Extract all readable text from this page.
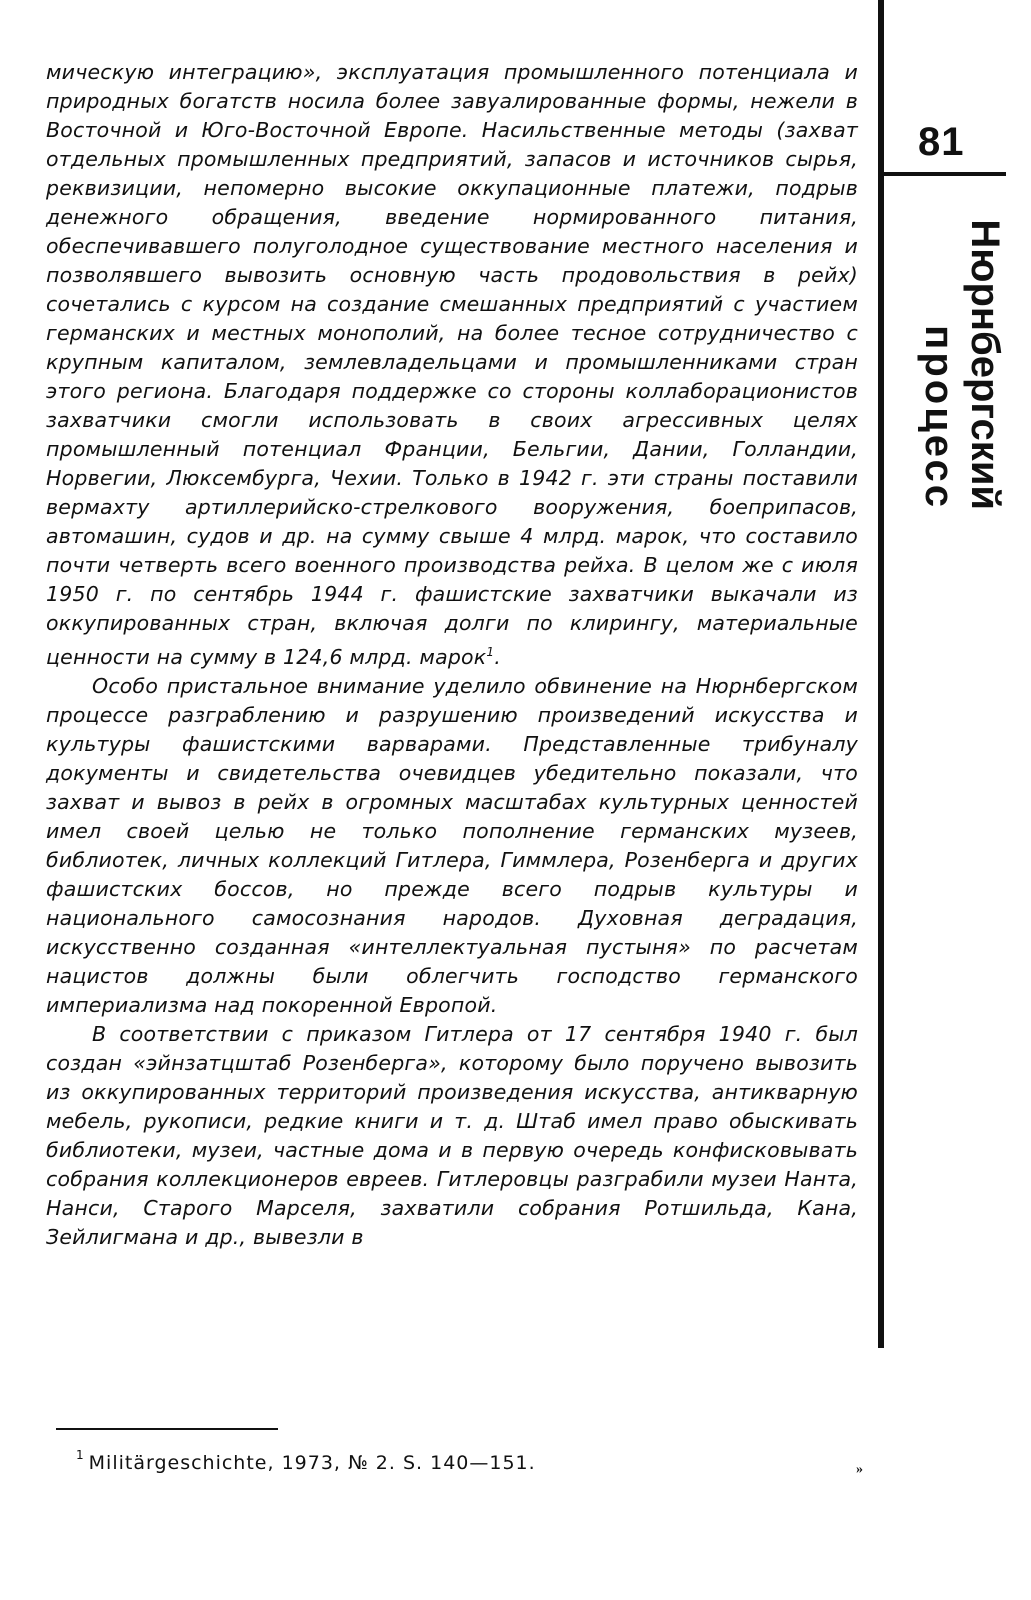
мическую интеграцию», эксплуатация промышленного потенциала и природных богатств носила более завуалированные формы, нежели в Восточной и Юго-Восточной Европе. Насильственные методы (захват отдельных промышленных предприятий, запасов и источников сырья, реквизиции, непомерно высокие оккупационные платежи, подрыв денежного обращения, введение нормированного питания, обеспечивавшего полуголодное существование местного населения и позволявшего вывозить основную часть продовольствия в рейх) сочетались с курсом на создание смешанных предприятий с участием германских и местных монополий, на более тесное сотрудничество с крупным капиталом, землевладельцами и промышленниками стран этого региона. Благодаря поддержке со стороны коллаборационистов захватчики смогли использовать в своих агрессивных целях промышленный потенциал Франции, Бельгии, Дании, Голландии, Норвегии, Люксембурга, Чехии. Только в 1942 г. эти страны поставили вермахту артиллерийско-стрелкового вооружения, боеприпасов, автомашин, судов и др. на сумму свыше 4 млрд. марок, что составило почти четверть всего военного производства рейха. В целом же с июля 1950 г. по сентябрь 1944 г. фашистские захватчики выкачали из оккупированных стран, включая долги по клирингу, материальные ценности на сумму в 124,6 млрд. марок$^1$.

Особо пристальное внимание уделило обвинение на Нюрнбергском процессе разграблению и разрушению произведений искусства и культуры фашистскими варварами. Представленные трибуналу документы и свидетельства очевидцев убедительно показали, что захват и вывоз в рейх в огромных масштабах культурных ценностей имел своей целью не только пополнение германских музеев, библиотек, личных коллекций Гитлера, Гиммлера, Розенберга и других фашистских боссов, но прежде всего подрыв культуры и национального самосознания народов. Духовная деградация, искусственно созданная «интеллектуальная пустыня» по расчетам нацистов должны были облегчить господство германского империализма над покоренной Европой.

В соответствии с приказом Гитлера от 17 сентября 1940 г. был создан «эйнзатцштаб Розенберга», которому было поручено вывозить из оккупированных территорий произведения искусства, антикварную мебель, рукописи, редкие книги и т. д. Штаб имел право обыскивать библиотеки, музеи, частные дома и в первую очередь конфисковывать собрания коллекционеров евреев. Гитлеровцы разграбили музеи Нанта, Нанси, Старого Марселя, захватили собрания Ротшильда, Кана, Зейлигмана и др., вывезли в

81
Нюрнбергский
процесс
$^1$ Militärgeschichte, 1973, № 2. S. 140—151.	»
